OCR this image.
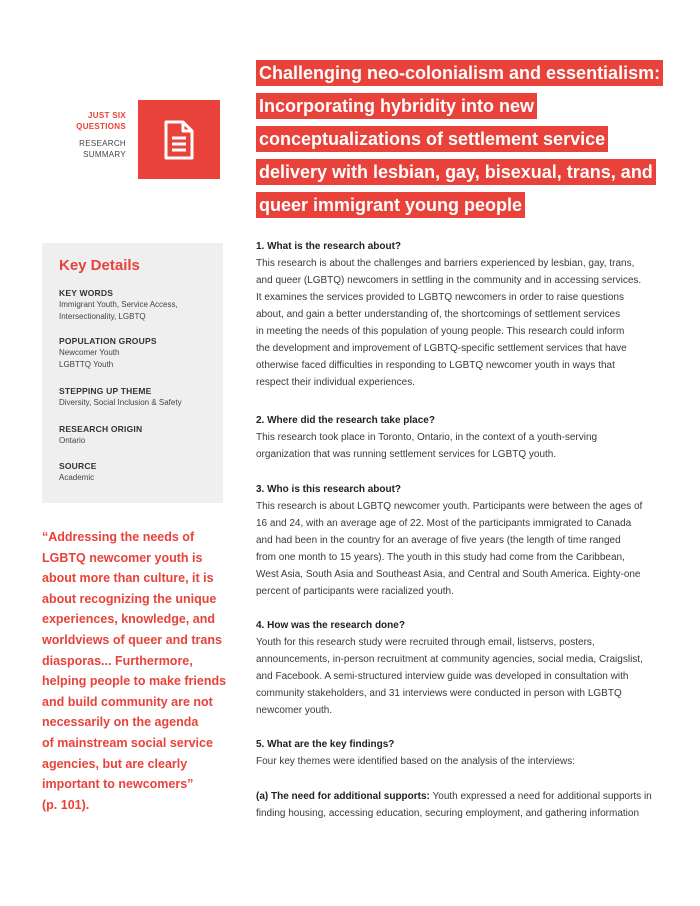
JUST SIX
QUESTIONS
RESEARCH
SUMMARY
Challenging neo-colonialism and essentialism:
Incorporating hybridity into new
conceptualizations of settlement service
delivery with lesbian, gay, bisexual, trans, and
queer immigrant young people
Key Details
KEY WORDS
Immigrant Youth, Service Access,
Intersectionality, LGBTQ
POPULATION GROUPS
Newcomer Youth
LGBTTQ Youth
STEPPING UP THEME
Diversity, Social Inclusion & Safety
RESEARCH ORIGIN
Ontario
SOURCE
Academic
“Addressing the needs of
LGBTQ newcomer youth is
about more than culture, it is
about recognizing the unique
experiences, knowledge, and
worldviews of queer and trans
diasporas... Furthermore,
helping people to make friends
and build community are not
necessarily on the agenda
of mainstream social service
agencies, but are clearly
important to newcomers”
(p. 101).
1. What is the research about?
This research is about the challenges and barriers experienced by lesbian, gay, trans,
and queer (LGBTQ) newcomers in settling in the community and in accessing services.
It examines the services provided to LGBTQ newcomers in order to raise questions
about, and gain a better understanding of, the shortcomings of settlement services
in meeting the needs of this population of young people. This research could inform
the development and improvement of LGBTQ-specific settlement services that have
otherwise faced difficulties in responding to LGBTQ newcomer youth in ways that
respect their individual experiences.
2. Where did the research take place?
This research took place in Toronto, Ontario, in the context of a youth-serving
organization that was running settlement services for LGBTQ youth.
3. Who is this research about?
This research is about LGBTQ newcomer youth. Participants were between the ages of
16 and 24, with an average age of 22. Most of the participants immigrated to Canada
and had been in the country for an average of five years (the length of time ranged
from one month to 15 years). The youth in this study had come from the Caribbean,
West Asia, South Asia and Southeast Asia, and Central and South America. Eighty-one
percent of participants were racialized youth.
4. How was the research done?
Youth for this research study were recruited through email, listservs, posters,
announcements, in-person recruitment at community agencies, social media, Craigslist,
and Facebook. A semi-structured interview guide was developed in consultation with
community stakeholders, and 31 interviews were conducted in person with LGBTQ
newcomer youth.
5. What are the key findings?
Four key themes were identified based on the analysis of the interviews:
(a) The need for additional supports: Youth expressed a need for additional supports in
finding housing, accessing education, securing employment, and gathering information
